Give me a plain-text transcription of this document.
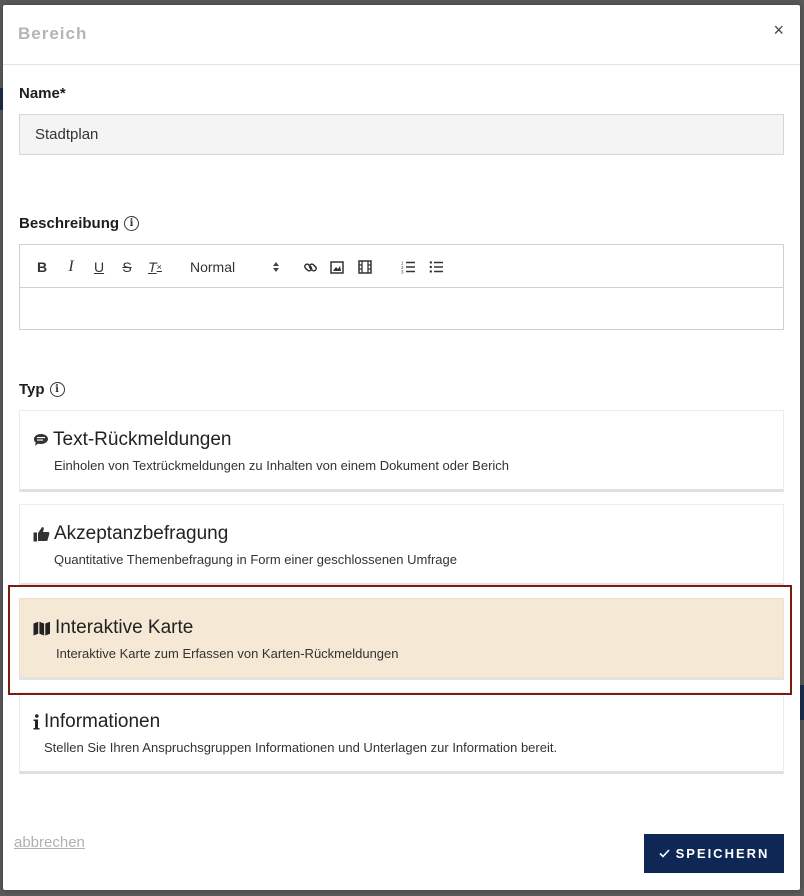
Bereich	×
Name*
Stadtplan
Beschreibung	i
B I	U S T × Normal	1
2
3
Typ	i
Text-Rückmeldungen
Einholen von Textrückmeldungen zu Inhalten von einem Dokument oder Berich
Akzeptanzbefragung
Quantitative Themenbefragung in Form einer geschlossenen Umfrage
Interaktive Karte
Interaktive Karte zum Erfassen von Karten-Rückmeldungen
Informationen
Stellen Sie Ihren Anspruchsgruppen Informationen und Unterlagen zur Information bereit.
abbrechen
SPEICHERN
